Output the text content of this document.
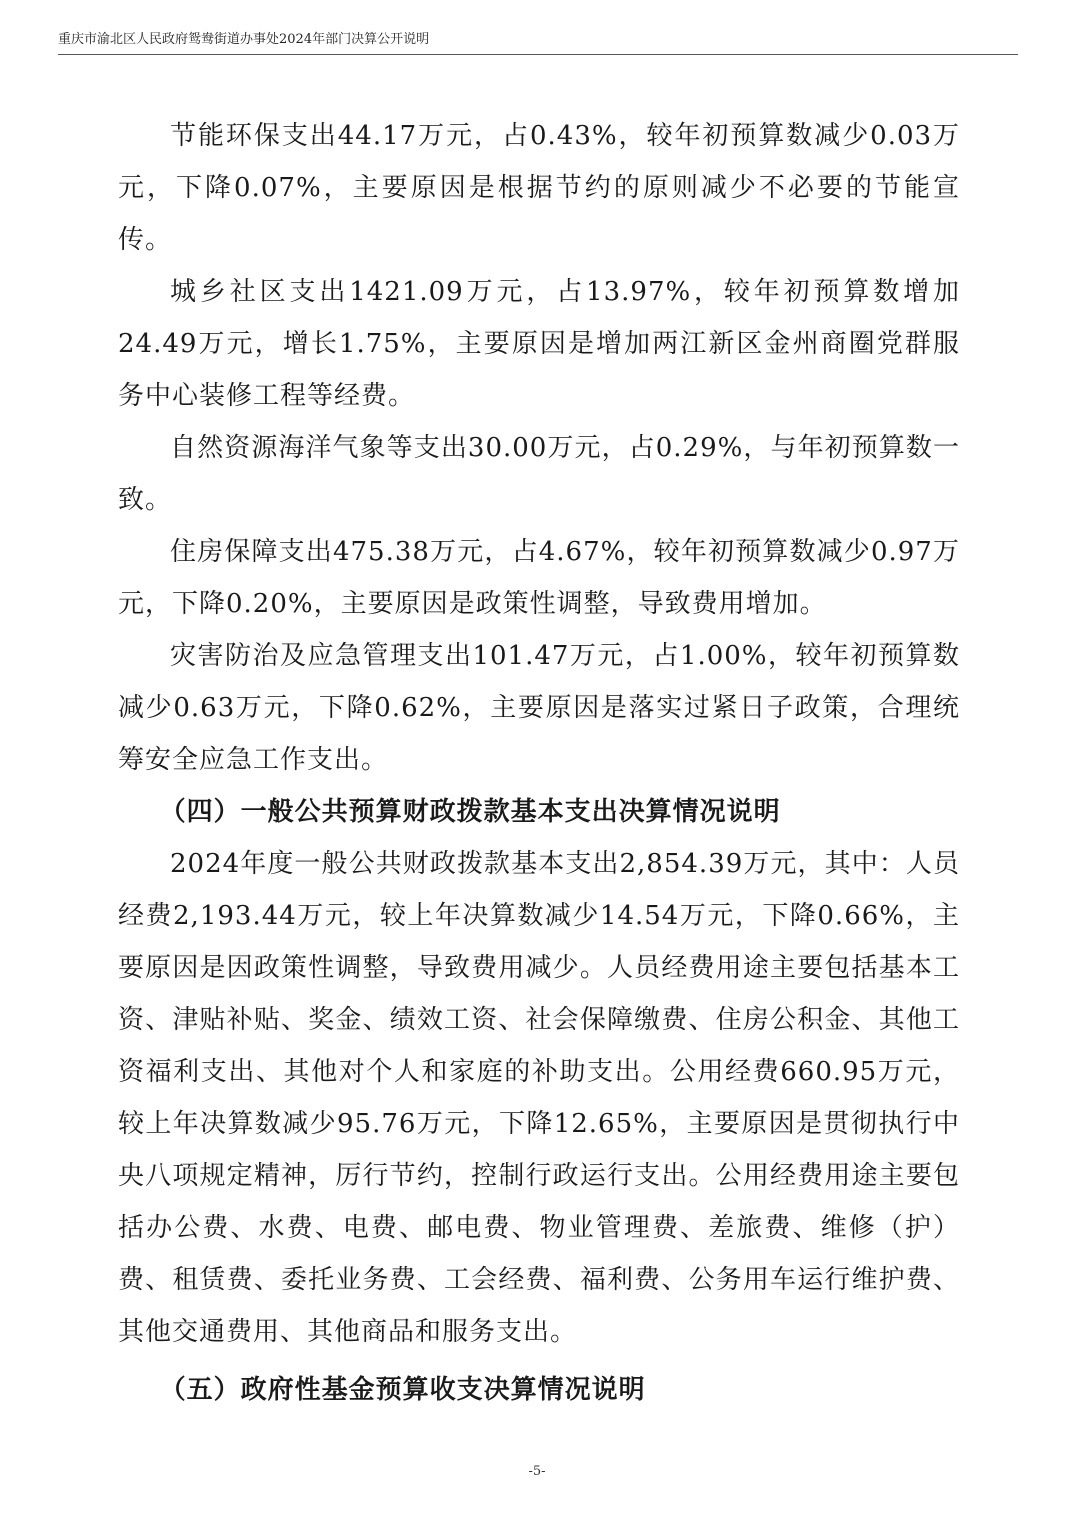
重庆市渝北区人民政府鸳鸯街道办事处2024年部门决算公开说明

节能环保支出44.17万元，占0.43%，较年初预算数减少0.03万元，下降0.07%，主要原因是根据节约的原则减少不必要的节能宣传。

城乡社区支出1421.09万元，占13.97%，较年初预算数增加24.49万元，增长1.75%，主要原因是增加两江新区金州商圈党群服务中心装修工程等经费。

自然资源海洋气象等支出30.00万元，占0.29%，与年初预算数一致。

住房保障支出475.38万元，占4.67%，较年初预算数减少0.97万元，下降0.20%，主要原因是政策性调整，导致费用增加。

灾害防治及应急管理支出101.47万元，占1.00%，较年初预算数减少0.63万元，下降0.62%，主要原因是落实过紧日子政策，合理统筹安全应急工作支出。

（四）一般公共预算财政拨款基本支出决算情况说明

2024年度一般公共财政拨款基本支出2,854.39万元，其中：人员经费2,193.44万元，较上年决算数减少14.54万元，下降0.66%，主要原因是因政策性调整，导致费用减少。人员经费用途主要包括基本工资、津贴补贴、奖金、绩效工资、社会保障缴费、住房公积金、其他工资福利支出、其他对个人和家庭的补助支出。公用经费660.95万元，较上年决算数减少95.76万元，下降12.65%，主要原因是贯彻执行中央八项规定精神，厉行节约，控制行政运行支出。公用经费用途主要包括办公费、水费、电费、邮电费、物业管理费、差旅费、维修（护）费、租赁费、委托业务费、工会经费、福利费、公务用车运行维护费、其他交通费用、其他商品和服务支出。

（五）政府性基金预算收支决算情况说明

-5-
